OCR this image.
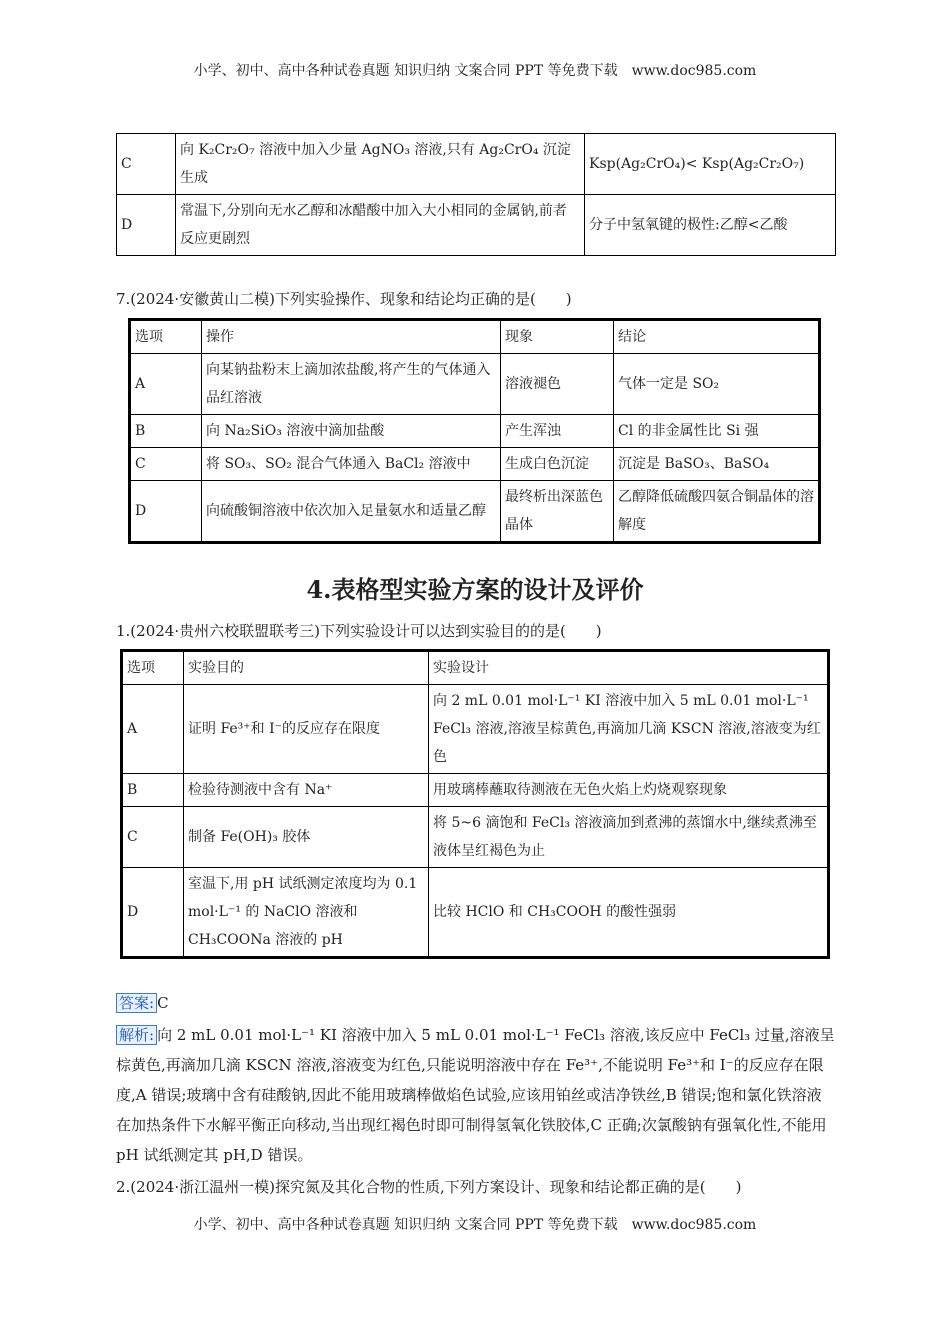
小学、初中、高中各种试卷真题 知识归纳 文案合同 PPT 等免费下载　www.doc985.com
C	向 K₂Cr₂O₇ 溶液中加入少量 AgNO₃ 溶液,只有 Ag₂CrO₄ 沉淀生成	Ksp(Ag₂CrO₄)< Ksp(Ag₂Cr₂O₇)
D	常温下,分别向无水乙醇和冰醋酸中加入大小相同的金属钠,前者反应更剧烈	分子中氢氧键的极性:乙醇<乙酸
7.(2024·安徽黄山二模)下列实验操作、现象和结论均正确的是(　　)
选项	操作	现象	结论
A	向某钠盐粉末上滴加浓盐酸,将产生的气体通入品红溶液	溶液褪色	气体一定是 SO₂
B	向 Na₂SiO₃ 溶液中滴加盐酸	产生浑浊	Cl 的非金属性比 Si 强
C	将 SO₃、SO₂ 混合气体通入 BaCl₂ 溶液中	生成白色沉淀	沉淀是 BaSO₃、BaSO₄
D	向硫酸铜溶液中依次加入足量氨水和适量乙醇	最终析出深蓝色晶体	乙醇降低硫酸四氨合铜晶体的溶解度
4.表格型实验方案的设计及评价
1.(2024·贵州六校联盟联考三)下列实验设计可以达到实验目的的是(　　)
选项	实验目的	实验设计
A	证明 Fe³⁺和 I⁻的反应存在限度	向 2 mL 0.01 mol·L⁻¹ KI 溶液中加入 5 mL 0.01 mol·L⁻¹ FeCl₃ 溶液,溶液呈棕黄色,再滴加几滴 KSCN 溶液,溶液变为红色
B	检验待测液中含有 Na⁺	用玻璃棒蘸取待测液在无色火焰上灼烧观察现象
C	制备 Fe(OH)₃ 胶体	将 5~6 滴饱和 FeCl₃ 溶液滴加到煮沸的蒸馏水中,继续煮沸至液体呈红褐色为止
D	室温下,用 pH 试纸测定浓度均为 0.1 mol·L⁻¹ 的 NaClO 溶液和 CH₃COONa 溶液的 pH	比较 HClO 和 CH₃COOH 的酸性强弱
答案: C
解析: 向 2 mL 0.01 mol·L⁻¹ KI 溶液中加入 5 mL 0.01 mol·L⁻¹ FeCl₃ 溶液,该反应中 FeCl₃ 过量,溶液呈棕黄色,再滴加几滴 KSCN 溶液,溶液变为红色,只能说明溶液中存在 Fe³⁺,不能说明 Fe³⁺和 I⁻的反应存在限度,A 错误;玻璃中含有硅酸钠,因此不能用玻璃棒做焰色试验,应该用铂丝或洁净铁丝,B 错误;饱和氯化铁溶液在加热条件下水解平衡正向移动,当出现红褐色时即可制得氢氧化铁胶体,C 正确;次氯酸钠有强氧化性,不能用 pH 试纸测定其 pH,D 错误。
2.(2024·浙江温州一模)探究氮及其化合物的性质,下列方案设计、现象和结论都正确的是(　　)
小学、初中、高中各种试卷真题 知识归纳 文案合同 PPT 等免费下载　www.doc985.com
